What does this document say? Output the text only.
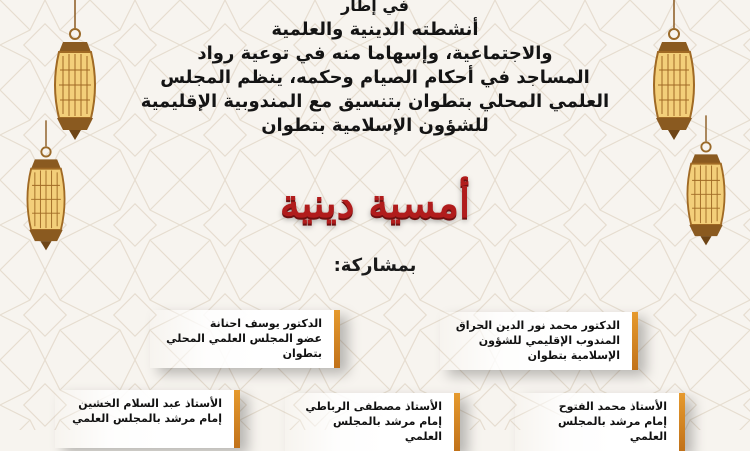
في إطار
أنشطته الدينية والعلمية
والاجتماعية، وإسهاما منه في توعية رواد
المساجد في أحكام الصيام وحكمه، ينظم المجلس
العلمي المحلي بتطوان بتنسيق مع المندوبية الإقليمية
للشؤون الإسلامية بتطوان
أمسية دينية
بمشاركة:
الدكتور محمد نور الدين الحراق
المندوب الإقليمي للشؤون الإسلامية بتطوان
الدكتور يوسف احنانة
عضو المجلس العلمي المحلي بتطوان
الأستاذ محمد الفتوح
إمام مرشد بالمجلس العلمي
الأستاذ مصطفى الرباطي
إمام مرشد بالمجلس العلمي
الأستاذ عبد السلام الخشين
إمام مرشد بالمجلس العلمي
